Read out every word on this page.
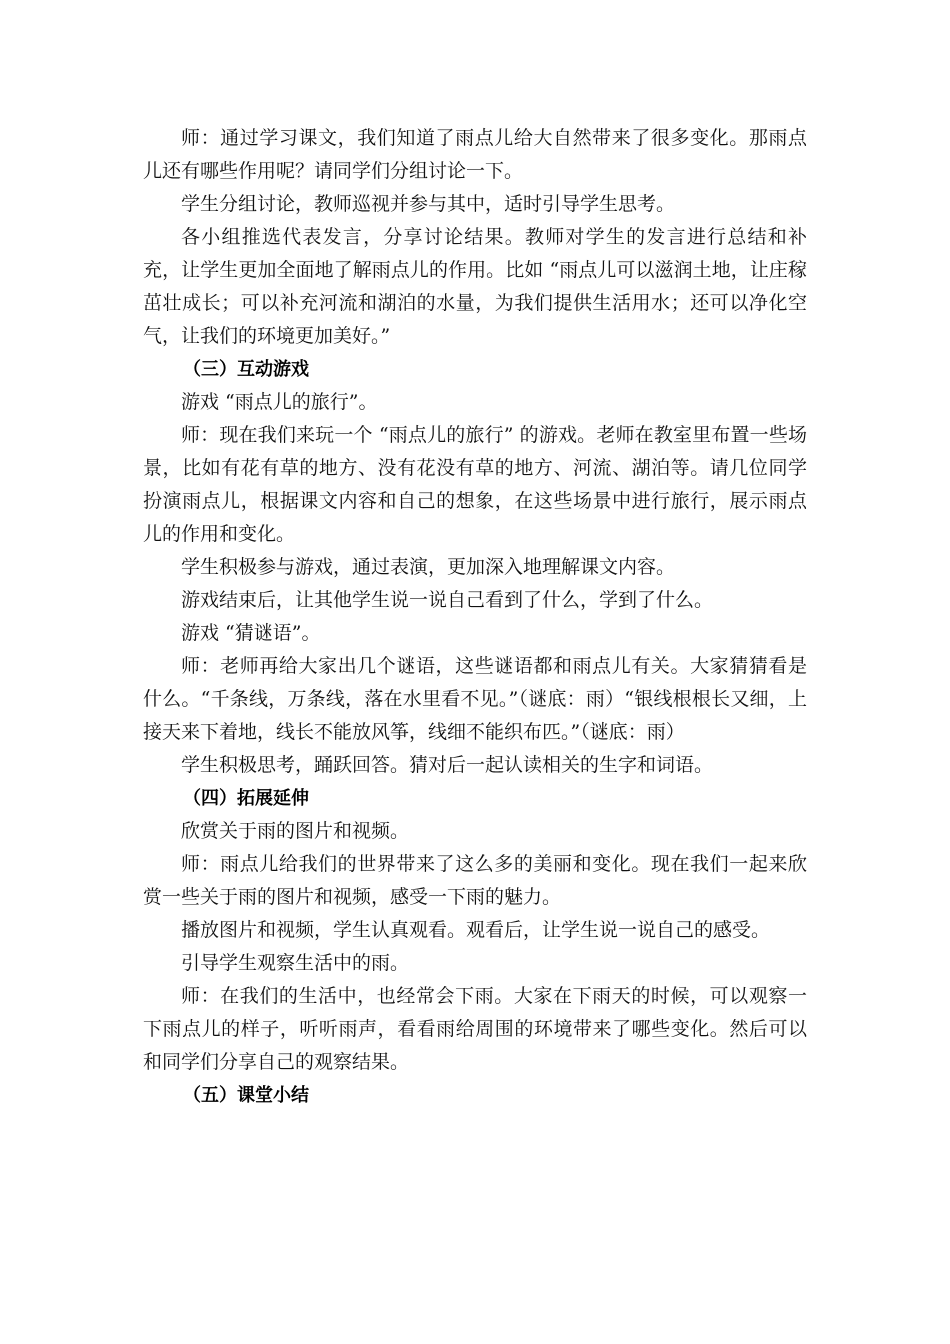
师：通过学习课文，我们知道了雨点儿给大自然带来了很多变化。那雨点儿还有哪些作用呢？请同学们分组讨论一下。

学生分组讨论，教师巡视并参与其中，适时引导学生思考。

各小组推选代表发言，分享讨论结果。教师对学生的发言进行总结和补充，让学生更加全面地了解雨点儿的作用。比如 “雨点儿可以滋润土地，让庄稼茁壮成长；可以补充河流和湖泊的水量，为我们提供生活用水；还可以净化空气，让我们的环境更加美好。”

（三）互动游戏

游戏 “雨点儿的旅行”。

师：现在我们来玩一个 “雨点儿的旅行” 的游戏。老师在教室里布置一些场景，比如有花有草的地方、没有花没有草的地方、河流、湖泊等。请几位同学扮演雨点儿，根据课文内容和自己的想象，在这些场景中进行旅行，展示雨点儿的作用和变化。

学生积极参与游戏，通过表演，更加深入地理解课文内容。

游戏结束后，让其他学生说一说自己看到了什么，学到了什么。

游戏 “猜谜语”。

师：老师再给大家出几个谜语，这些谜语都和雨点儿有关。大家猜猜看是什么。“千条线，万条线，落在水里看不见。”（谜底：雨）“银线根根长又细，上接天来下着地，线长不能放风筝，线细不能织布匹。”（谜底：雨）

学生积极思考，踊跃回答。猜对后一起认读相关的生字和词语。

（四）拓展延伸

欣赏关于雨的图片和视频。

师：雨点儿给我们的世界带来了这么多的美丽和变化。现在我们一起来欣赏一些关于雨的图片和视频，感受一下雨的魅力。

播放图片和视频，学生认真观看。观看后，让学生说一说自己的感受。

引导学生观察生活中的雨。

师：在我们的生活中，也经常会下雨。大家在下雨天的时候，可以观察一下雨点儿的样子，听听雨声，看看雨给周围的环境带来了哪些变化。然后可以和同学们分享自己的观察结果。

（五）课堂小结
